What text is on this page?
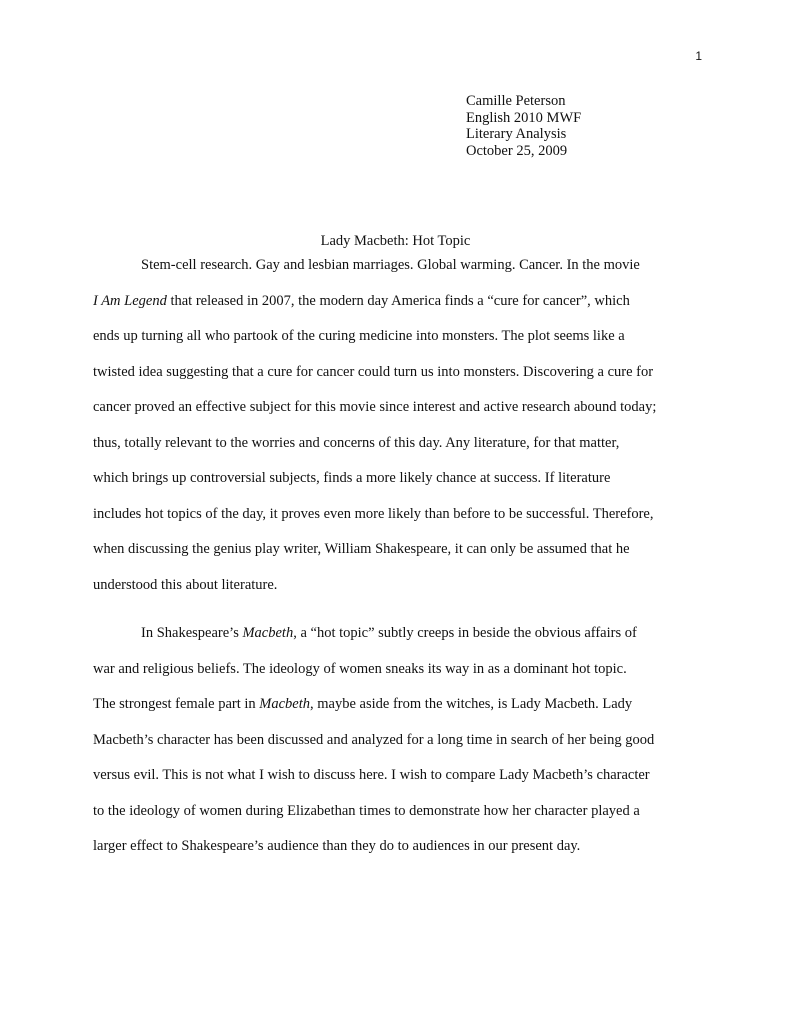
1
Camille Peterson
English 2010 MWF
Literary Analysis
October 25, 2009
Lady Macbeth: Hot Topic
Stem-cell research. Gay and lesbian marriages. Global warming. Cancer. In the movie
I Am Legend that released in 2007, the modern day America finds a “cure for cancer”, which
ends up turning all who partook of the curing medicine into monsters. The plot seems like a
twisted idea suggesting that a cure for cancer could turn us into monsters. Discovering a cure for
cancer proved an effective subject for this movie since interest and active research abound today;
thus, totally relevant to the worries and concerns of this day. Any literature, for that matter,
which brings up controversial subjects, finds a more likely chance at success. If literature
includes hot topics of the day, it proves even more likely than before to be successful. Therefore,
when discussing the genius play writer, William Shakespeare, it can only be assumed that he
understood this about literature.
In Shakespeare’s Macbeth, a “hot topic” subtly creeps in beside the obvious affairs of
war and religious beliefs. The ideology of women sneaks its way in as a dominant hot topic.
The strongest female part in Macbeth, maybe aside from the witches, is Lady Macbeth. Lady
Macbeth’s character has been discussed and analyzed for a long time in search of her being good
versus evil. This is not what I wish to discuss here. I wish to compare Lady Macbeth’s character
to the ideology of women during Elizabethan times to demonstrate how her character played a
larger effect to Shakespeare’s audience than they do to audiences in our present day.
